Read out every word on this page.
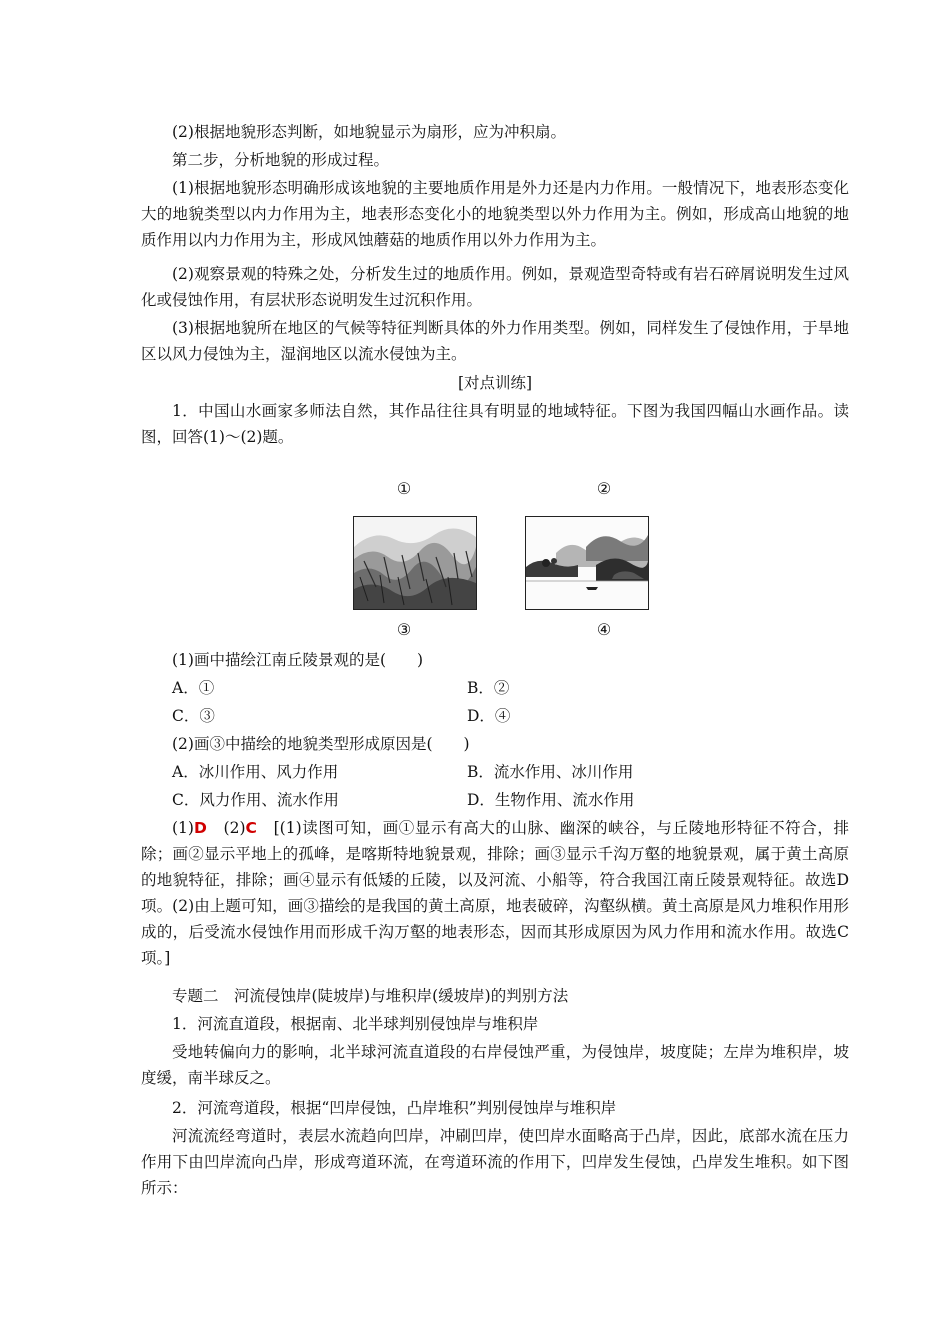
(2)根据地貌形态判断，如地貌显示为扇形，应为冲积扇。

第二步，分析地貌的形成过程。

(1)根据地貌形态明确形成该地貌的主要地质作用是外力还是内力作用。一般情况下，地表形态变化大的地貌类型以内力作用为主，地表形态变化小的地貌类型以外力作用为主。例如，形成高山地貌的地质作用以内力作用为主，形成风蚀蘑菇的地质作用以外力作用为主。

(2)观察景观的特殊之处，分析发生过的地质作用。例如，景观造型奇特或有岩石碎屑说明发生过风化或侵蚀作用，有层状形态说明发生过沉积作用。

(3)根据地貌所在地区的气候等特征判断具体的外力作用类型。例如，同样发生了侵蚀作用，于旱地区以风力侵蚀为主，湿润地区以流水侵蚀为主。

[对点训练]

1．中国山水画家多师法自然，其作品往往具有明显的地域特征。下图为我国四幅山水画作品。读图，回答(1)～(2)题。

①	②
③	④

(1)画中描绘江南丘陵景观的是(　　)

A．①	B．②
C．③	D．④

(2)画③中描绘的地貌类型形成原因是(　　)

A．冰川作用、风力作用	B．流水作用、冰川作用
C．风力作用、流水作用	D．生物作用、流水作用

(1)D　 (2)C　 [(1)读图可知，画①显示有高大的山脉、幽深的峡谷，与丘陵地形特征不符合，排除；画②显示平地上的孤峰，是喀斯特地貌景观，排除；画③显示千沟万壑的地貌景观，属于黄土高原的地貌特征，排除；画④显示有低矮的丘陵，以及河流、小船等，符合我国江南丘陵景观特征。故选D项。(2)由上题可知，画③描绘的是我国的黄土高原，地表破碎，沟壑纵横。黄土高原是风力堆积作用形成的，后受流水侵蚀作用而形成千沟万壑的地表形态，因而其形成原因为风力作用和流水作用。故选C项。]

专题二　河流侵蚀岸(陡坡岸)与堆积岸(缓坡岸)的判别方法

1．河流直道段，根据南、北半球判别侵蚀岸与堆积岸

受地转偏向力的影响，北半球河流直道段的右岸侵蚀严重，为侵蚀岸，坡度陡；左岸为堆积岸，坡度缓，南半球反之。

2．河流弯道段，根据“凹岸侵蚀，凸岸堆积”判别侵蚀岸与堆积岸

河流流经弯道时，表层水流趋向凹岸，冲刷凹岸，使凹岸水面略高于凸岸，因此，底部水流在压力作用下由凹岸流向凸岸，形成弯道环流，在弯道环流的作用下，凹岸发生侵蚀，凸岸发生堆积。如下图所示：
